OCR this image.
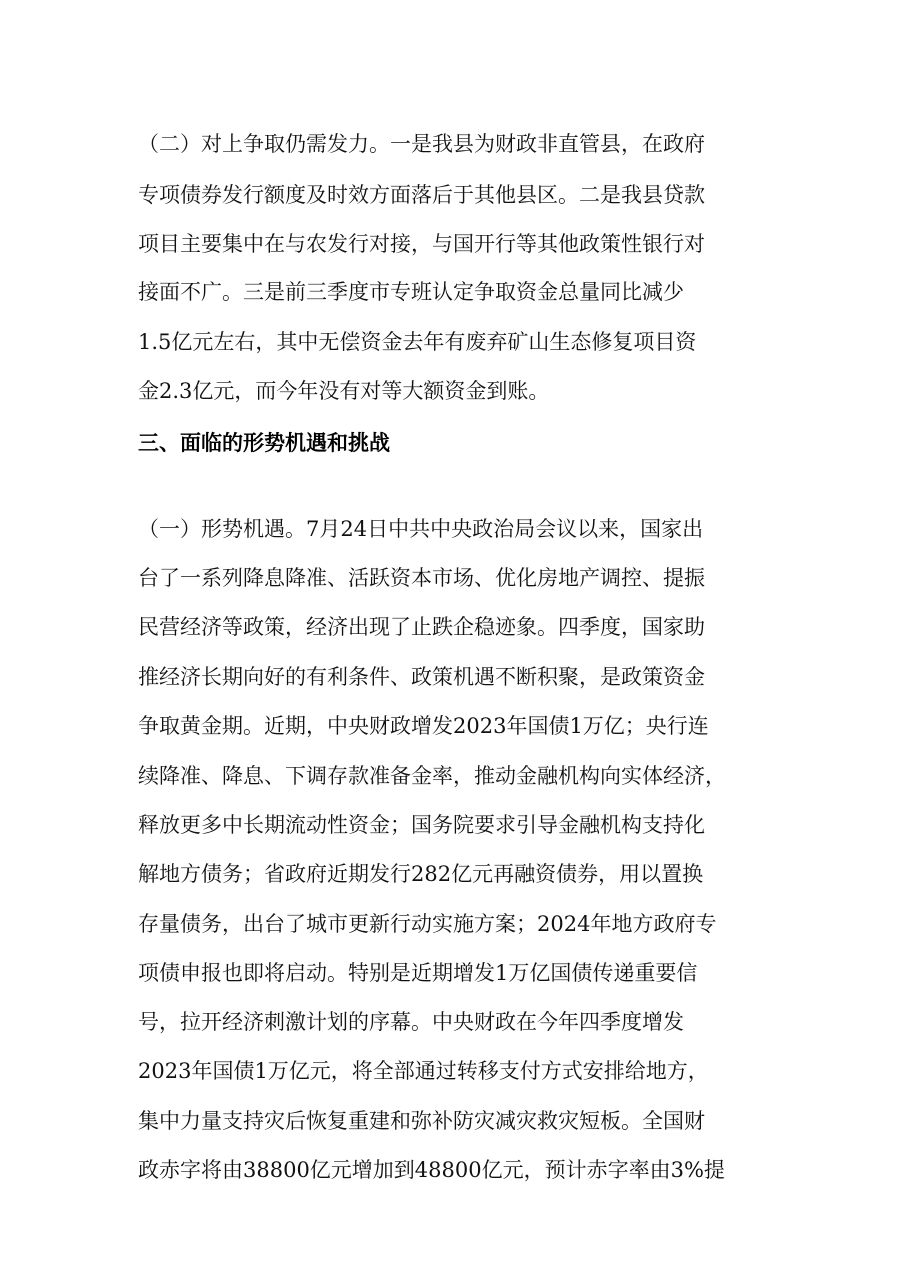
（二）对上争取仍需发力。一是我县为财政非直管县，在政府
专项债券发行额度及时效方面落后于其他县区。二是我县贷款
项目主要集中在与农发行对接，与国开行等其他政策性银行对
接面不广。三是前三季度市专班认定争取资金总量同比减少
1.5亿元左右，其中无偿资金去年有废弃矿山生态修复项目资
金2.3亿元，而今年没有对等大额资金到账。
三、面临的形势机遇和挑战
（一）形势机遇。7月24日中共中央政治局会议以来，国家出
台了一系列降息降准、活跃资本市场、优化房地产调控、提振
民营经济等政策，经济出现了止跌企稳迹象。四季度，国家助
推经济长期向好的有利条件、政策机遇不断积聚，是政策资金
争取黄金期。近期，中央财政增发2023年国债1万亿；央行连
续降准、降息、下调存款准备金率，推动金融机构向实体经济，
释放更多中长期流动性资金；国务院要求引导金融机构支持化
解地方债务；省政府近期发行282亿元再融资债券，用以置换
存量债务，出台了城市更新行动实施方案；2024年地方政府专
项债申报也即将启动。特别是近期增发1万亿国债传递重要信
号，拉开经济刺激计划的序幕。中央财政在今年四季度增发
2023年国债1万亿元，将全部通过转移支付方式安排给地方，
集中力量支持灾后恢复重建和弥补防灾减灾救灾短板。全国财
政赤字将由38800亿元增加到48800亿元，预计赤字率由3%提
